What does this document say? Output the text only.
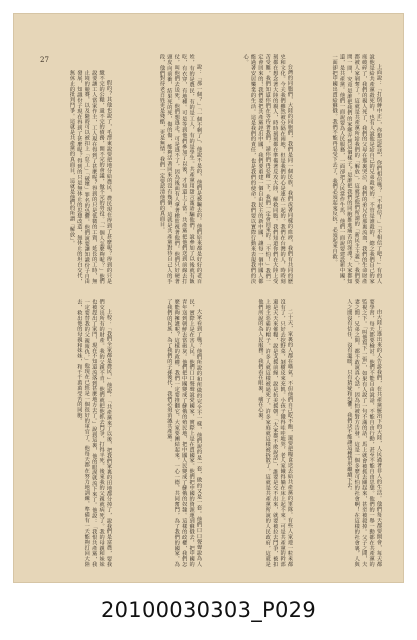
27

上面說：「打倒蔣中正」，你想這些話，你們相信嗎？「不相信！」「不相信了吧！」有的人說他是給共產黨殺死的，也有人說他是給自己的兄弟殺死的。不管是誰殺的，總之我們自己的家庭破碎了，我們的親人死了，我們的父母在那裏哭泣，我們的弟兄在那裏流血，我們的生命財產都被人家剝奪了。這就是共產黨所給我們的「解放」，這就是他們所謂的「新民主主義」。我們要問一問，究竟是誰把我們的家鄉弄到這個樣子？是誰把我們的同胞推進痛苦的深淵？大家都知道，是共產黨。他們一面說要為人民服務，一面卻把人民當作牛馬，他們一面說要建設新中國，一面卻把中國出賣給蘇俄。我們不能再忍受下去了，我們必須起來反抗，必須起來自救。

台灣的同胞們，大陸的同胞們，我們是同一個民族，我們流著同樣的血液，我們有共同的歷史和文化。今天我們雖然被分隔在兩地，但是我們的心是連在一起的。我們在台灣的人，時時刻刻都在想念著大陸的親人，時時刻刻都在準備著反攻大陸，解救同胞。我們知道你們在大陸上受苦受難，我們知道你們在等待著我們。請你們再忍耐一下，我們一定會回來的。「不怕！」我們一定會回來的！我們要把共產黨趕出中國，我們要重建一個自由民主的新中國，讓每一個中國人都能過著安居樂業的生活。這是我們的責任，也是我們的使命。我們要以實際行動來表現我們的決心。

說：「那一個？」「一個不剩了」，他說不是的，他們是被騙去的。他們原來都是好好的老百姓，有的是農民，有的是工人，有的是學生。共產黨用甜言蜜語騙他們，說參加了以後就有飯吃，有衣穿，有地種。可是等到他們參加了以後，才知道上了當。共產黨把他們送到前線去打仗，叫他們去送死。他們想逃走，可是逃不了，因為後面有人拿著槍監視著他們。他們只好硬著頭皮向前衝，結果死的死，傷的傷，能夠活著回來的沒有幾個。這就是共產黨對待自己人的手段，他們對待老百姓更是殘酷，更是無情。我們一定要認清他們的真面目。

假的？其他也說了，毛澤東說要把地分給農民，農民現在得到了甚麼呢？得到的只是繳不完的公糧，還不完的債務，開不完的會議，做不完的勞役。「一個人怎麼夠呢？」他們說要讓工人當家作主，工人現在得到了甚麼呢？得到的只是低微的工資，延長的工時，無止境的競賽，以及隨時可以被扣上「怠工」「破壞」罪名的恐懼。他們說要讓知識份子自由發展，知識份子現在得到了甚麼呢？得到的只是無休止的思想改造，無休止的坦白交代，無休止的批判鬥爭。這就是共產黨的真面目，這就是他們的所謂「解放」。

由大陸上逃出來的人告訴我們，在共產黨統治下的大陸，人民過著非人的生活。他們每天都要開會，每天都要學習，每天都要檢討。他們不能自由說話，不能自由行動，甚至不能自由思想。他們的一舉一動都在共產黨的監視之下。「叫他寫下一張」，如果有人說了一句不滿的話，馬上就會被抓去關起來，甚至被殺掉。父子之間，夫妻之間，兄弟之間，都不敢說真心話，因為怕被對方告發。這是一個多麼可怕的社會啊！在這樣的社會裏，人與人之間沒有信任，沒有溫暖，只有猜疑和恐懼。我們決不能讓這種情形繼續下去。

二十天，家裏的人都在嘆氣。不但他們自己吃不飽，還要把糧食送去給共產黨的軍隊。有些人家連一粒米都沒有了，只好去挖野菜，剝樹皮來充飢。小孩子餓得哇哇地哭，老人家餓得躺在床上起不來。可是共產黨的幹部還是天天來催糧，說是支援前線，說是抗美援朝。「大家都不敢說話」，誰要是交不出來，就要被拉去鬥爭，被扣上地主惡霸的帽子。許多人就這樣被逼死了，許多家庭就這樣被拆散了。這就是共產黨所說的人民政府，這就是他們所說的為人民服務。我們看在眼裏，痛在心裏。

大家看到了嗎？他們所說的和所做的完全不一樣，他們說的是一套，做的又是一套。他們口口聲聲說為人民，實際上是在害人民。他們口口聲聲說愛國家，實際上是在賣國家。他們把中國的資源運到蘇俄去，把中國的青年送到朝鮮去當砲灰。他們把中國變成了蘇俄的殖民地，把中國人民變成了蘇俄的奴隸。這樣的政權，我們怎麼能夠擁護呢？這樣的政權，我們一定要推翻它。大家要團結起來，一心一德，共同奮鬥，為了我們的國家，為了我們的民族，為了我們的子孫後代，我們必須消滅共產黨。

上校：「我們全家都是農民，」他說：「共產黨來了以後，把我們家裏的田地都分掉了，說我們是富農，要我們交出所有的財產。我的父親不肯，他們就把他抓去鬥爭，打得半死。後來我的父親就病死了。我的母親和妹妹也被趕出了家門，現在不知道流落到甚麼地方去了。」說到這裏，他的眼淚就流下來了。他說：「我恨共產黨，我一定要替我的父親報仇。」他現在已經是一個很好的軍官了，他每天都在努力地訓練，準備有一天能夠打回大陸去，救出他的母親和妹妹，和千千萬萬受苦的同胞。

20100030303_P029
